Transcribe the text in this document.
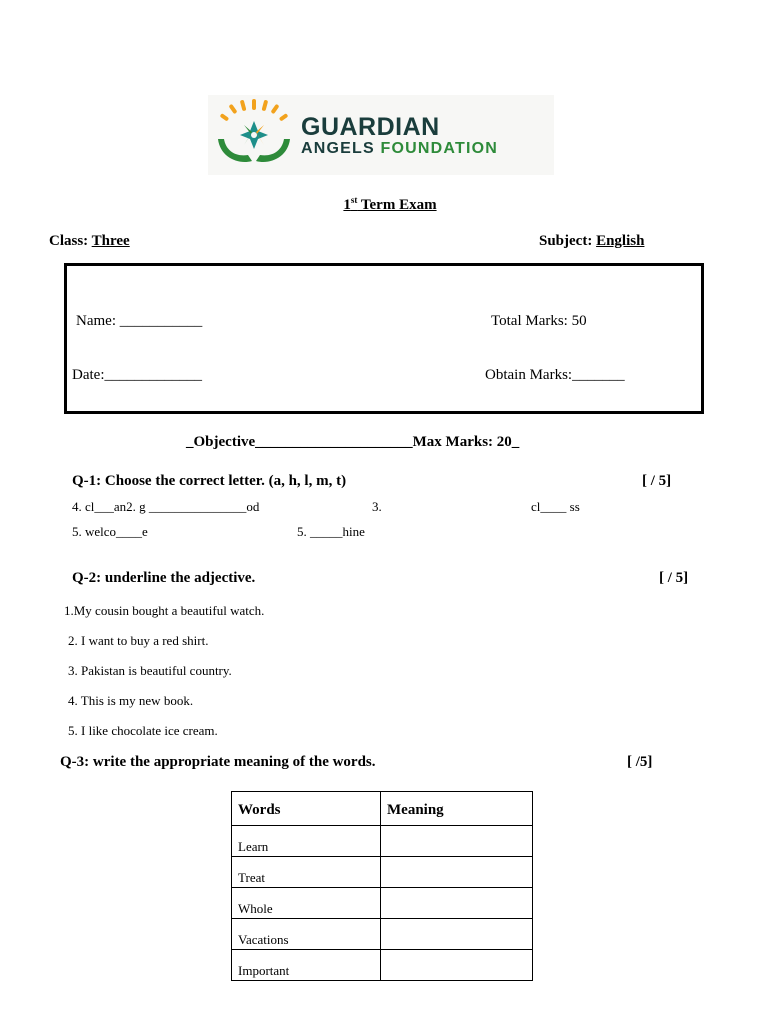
GUARDIAN
ANGELS FOUNDATION
1st Term Exam
Class: Three	Subject: English
Name: ___________	Total Marks: 50
Date:_____________	Obtain Marks:_______
_Objective_____________________Max Marks: 20_
Q-1: Choose the correct letter. (a, h, l, m, t)	[ / 5]
4. cl___an2. g _______________od	3.	cl____ ss
5. welco____e	5. _____hine
Q-2: underline the adjective.	[ / 5]
1.My cousin bought a beautiful watch.
2. I want to buy a red shirt.
3. Pakistan is beautiful country.
4. This is my new book.
5. I like chocolate ice cream.
Q-3: write the appropriate meaning of the words.	[ /5]
Words	Meaning
Learn	
Treat	
Whole	
Vacations	
Important	
